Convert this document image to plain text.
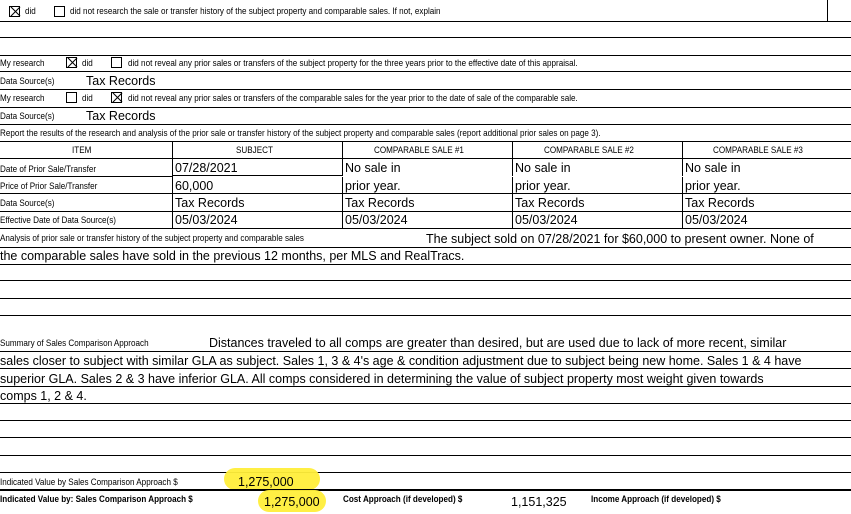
did	did not research the sale or transfer history of the subject property and comparable sales. If not, explain
My research	did	did not reveal any prior sales or transfers of the subject property for the three years prior to the effective date of this appraisal.
Data Source(s)	Tax Records
My research	did	did not reveal any prior sales or transfers of the comparable sales for the year prior to the date of sale of the comparable sale.
Data Source(s)	Tax Records
Report the results of the research and analysis of the prior sale or transfer history of the subject property and comparable sales (report additional prior sales on page 3).
ITEM	SUBJECT	COMPARABLE SALE #1	COMPARABLE SALE #2	COMPARABLE SALE #3
Date of Prior Sale/Transfer	07/28/2021	No sale in	No sale in	No sale in
Price of Prior Sale/Transfer	60,000	prior year.	prior year.	prior year.
Data Source(s)	Tax Records	Tax Records	Tax Records	Tax Records
Effective Date of Data Source(s)	05/03/2024	05/03/2024	05/03/2024	05/03/2024
Analysis of prior sale or transfer history of the subject property and comparable sales	The subject sold on 07/28/2021 for $60,000 to present owner. None of
the comparable sales have sold in the previous 12 months, per MLS and RealTracs.
Summary of Sales Comparison Approach	Distances traveled to all comps are greater than desired, but are used due to lack of more recent, similar
sales closer to subject with similar GLA as subject. Sales 1, 3 & 4's age & condition adjustment due to subject being new home. Sales 1 & 4 have
superior GLA. Sales 2 & 3 have inferior GLA. All comps considered in determining the value of subject property most weight given towards
comps 1, 2 & 4.
Indicated Value by Sales Comparison Approach $	1,275,000
Indicated Value by: Sales Comparison Approach $	1,275,000	Cost Approach (if developed) $	1,151,325	Income Approach (if developed) $
